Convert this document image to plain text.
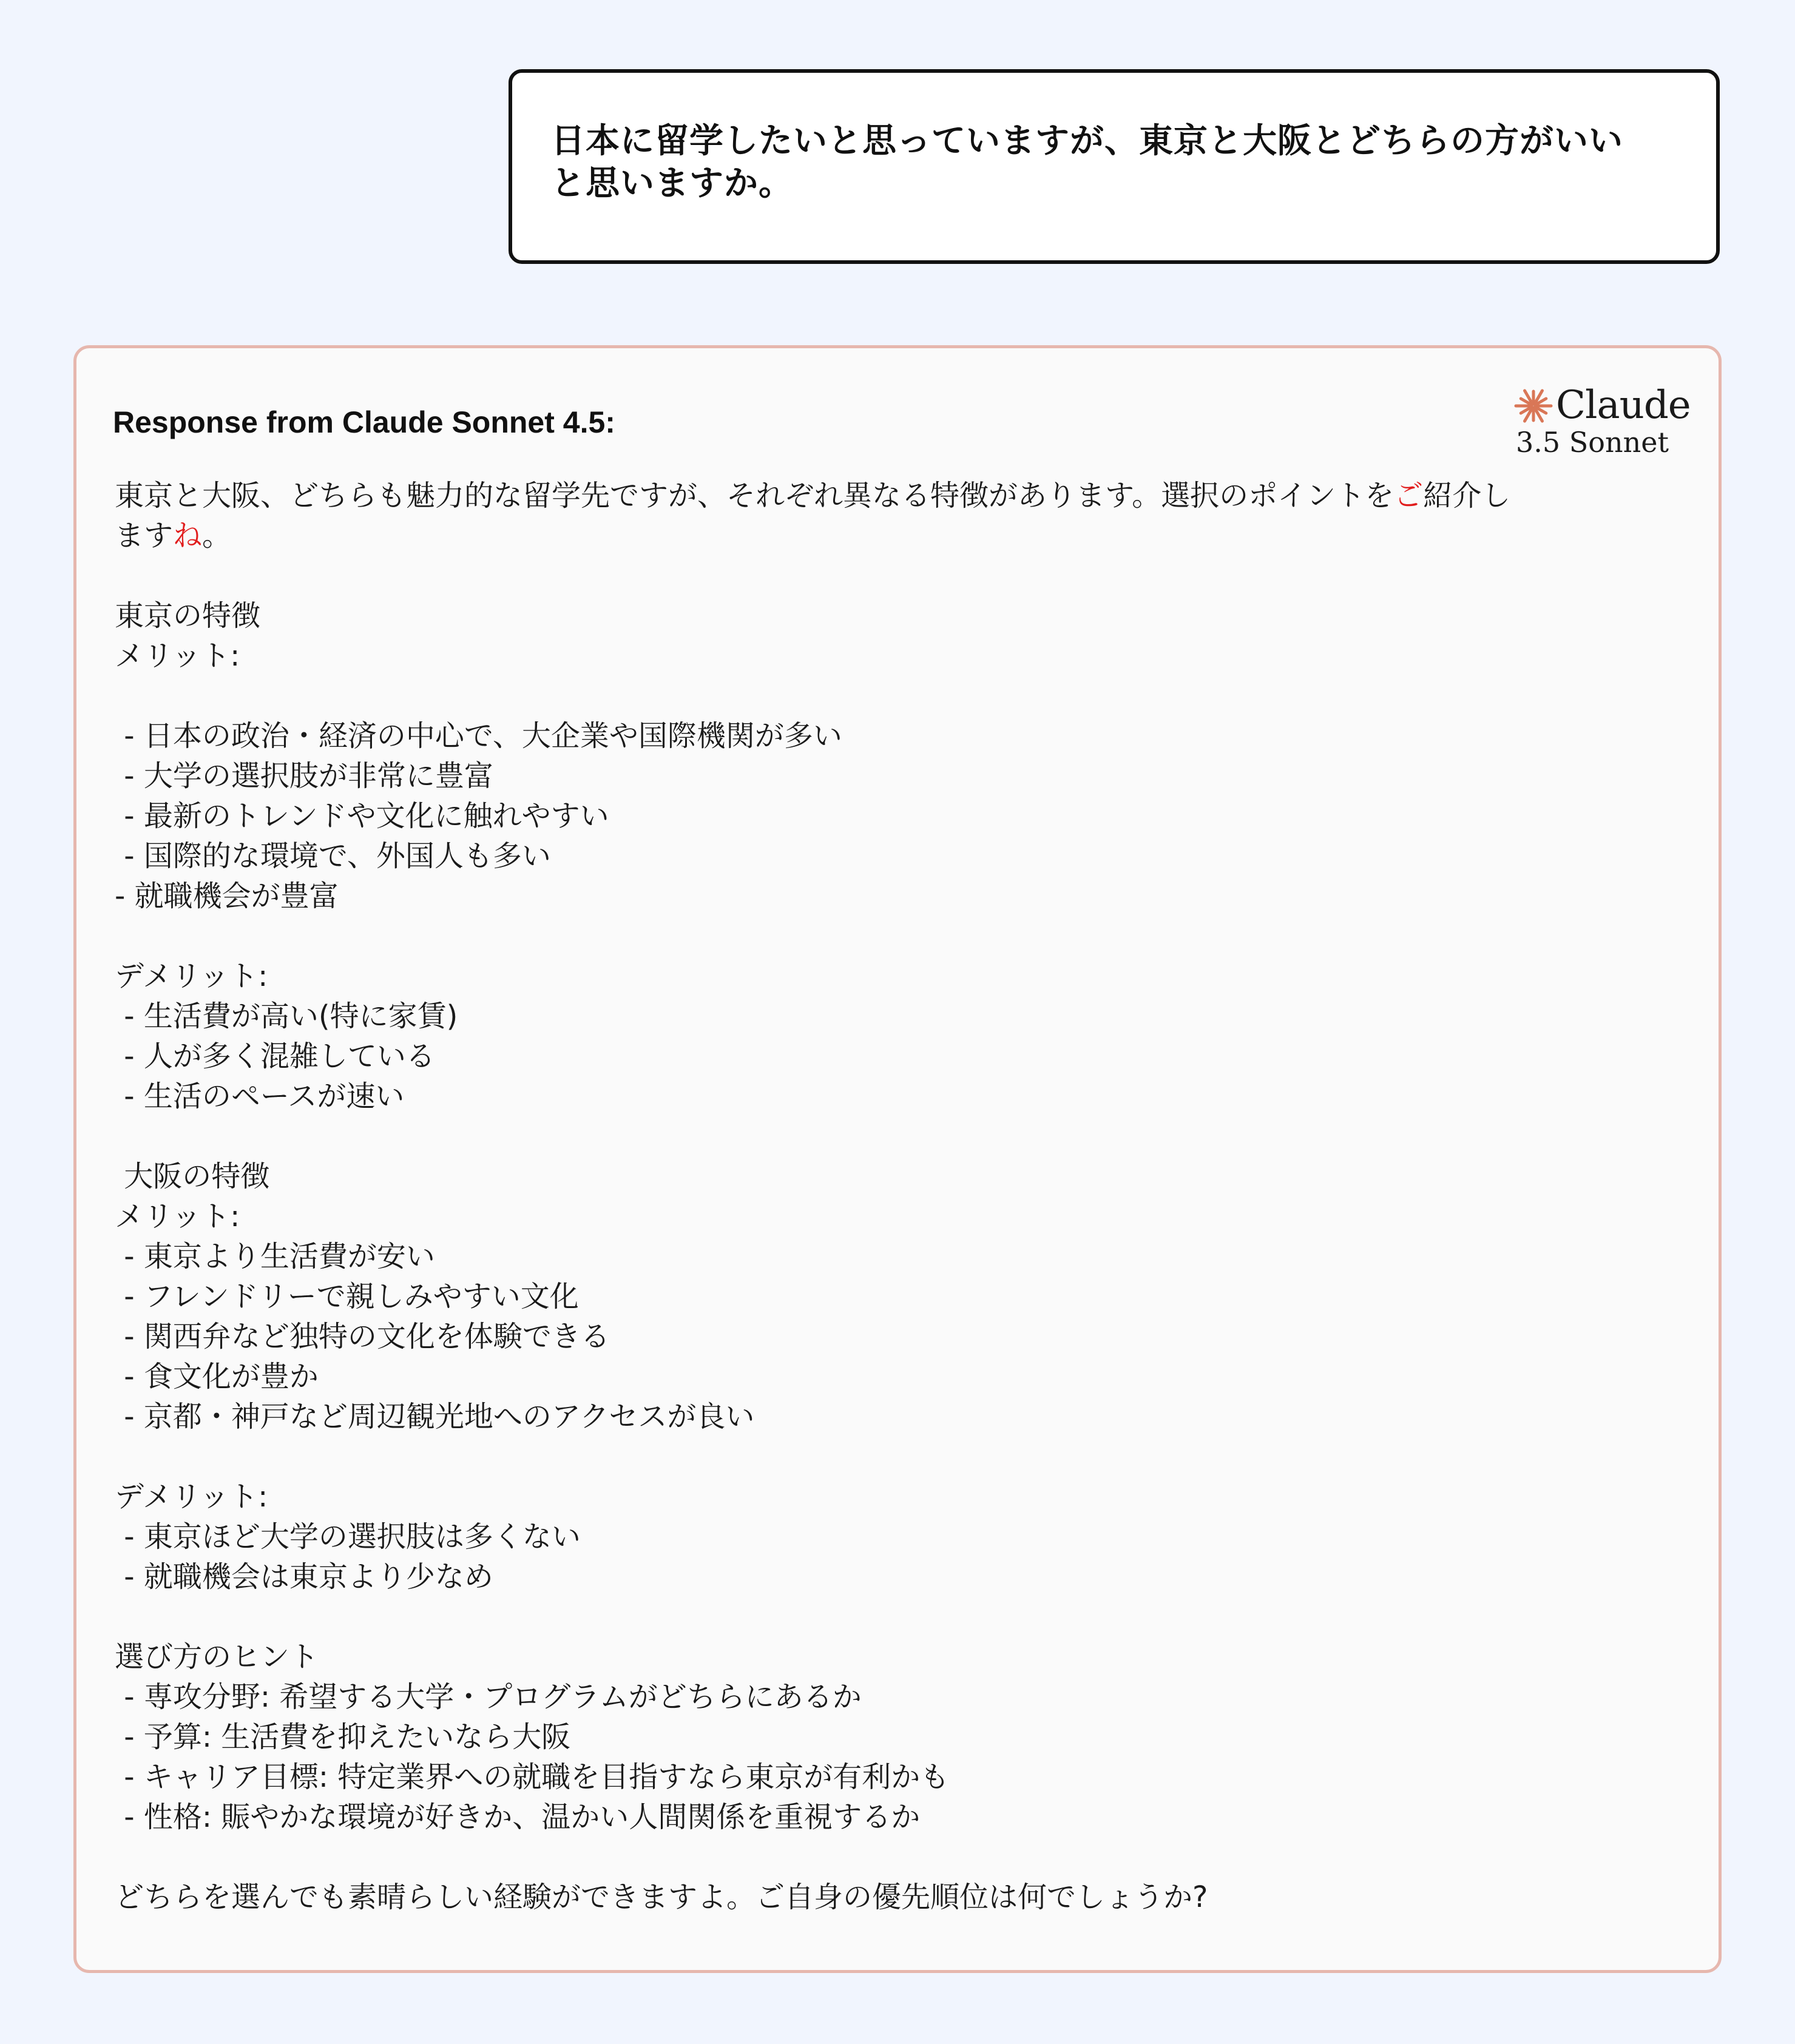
日本に留学したいと思っていますが、東京と大阪とどちらの方がいい
と思いますか。
Response from Claude Sonnet 4.5:	Claude
3.5 Sonnet
東京と大阪、どちらも魅力的な留学先ですが、それぞれ異なる特徴があります。選択のポイントをご紹介し
ますね。
東京の特徴
メリット:
- 日本の政治・経済の中心で、大企業や国際機関が多い
- 大学の選択肢が非常に豊富
- 最新のトレンドや文化に触れやすい
- 国際的な環境で、外国人も多い
- 就職機会が豊富
デメリット:
- 生活費が高い(特に家賃)
- 人が多く混雑している
- 生活のペースが速い
大阪の特徴
メリット:
- 東京より生活費が安い
- フレンドリーで親しみやすい文化
- 関西弁など独特の文化を体験できる
- 食文化が豊か
- 京都・神戸など周辺観光地へのアクセスが良い
デメリット:
- 東京ほど大学の選択肢は多くない
- 就職機会は東京より少なめ
選び方のヒント
- 専攻分野: 希望する大学・プログラムがどちらにあるか
- 予算: 生活費を抑えたいなら大阪
- キャリア目標: 特定業界への就職を目指すなら東京が有利かも
- 性格: 賑やかな環境が好きか、温かい人間関係を重視するか
どちらを選んでも素晴らしい経験ができますよ。ご自身の優先順位は何でしょうか?
